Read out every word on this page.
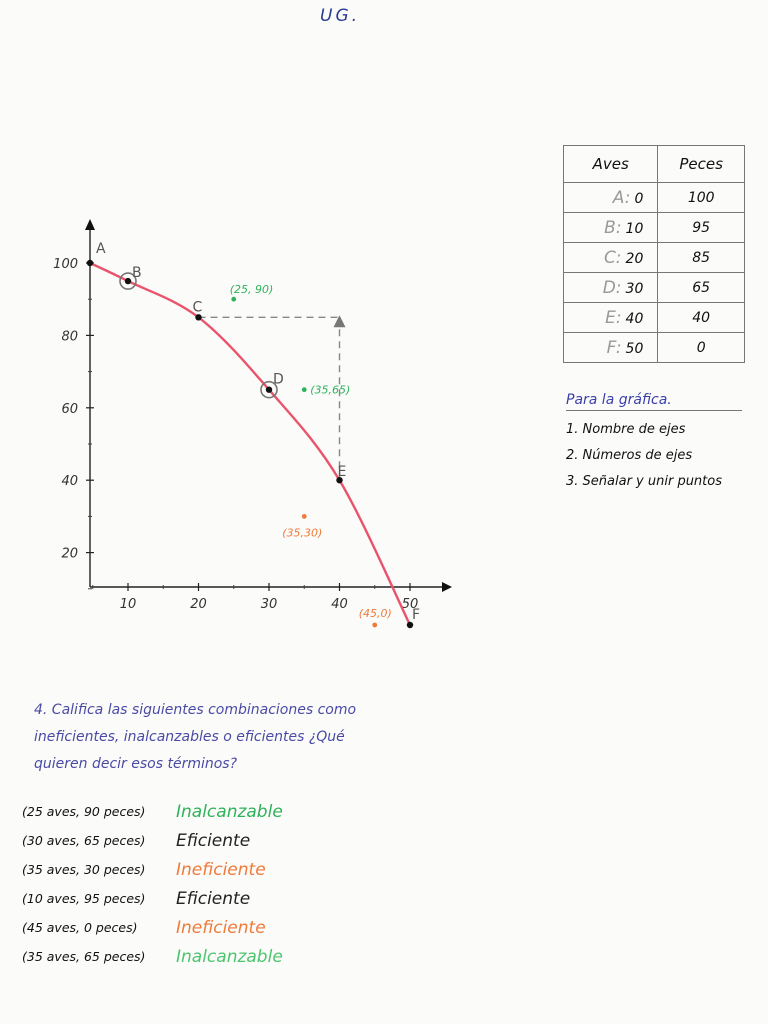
UG.
10	20	30	40	50
20
40
60
80
100
A
B
C
D
E
F
(25, 90)
(35,65)
(35,30)
(45,0)
Aves	Peces
A: 0	100
B: 10	95
C: 20	85
D: 30	65
E: 40	40
F: 50	0
Para la gráfica.
1. Nombre de ejes
2. Números de ejes
3. Señalar y unir puntos
4. Califica las siguientes combinaciones como ineficientes, inalcanzables o eficientes ¿Qué quieren decir esos términos?
(25 aves, 90 peces)	Inalcanzable
(30 aves, 65 peces)	Eficiente
(35 aves, 30 peces)	Ineficiente
(10 aves, 95 peces)	Eficiente
(45 aves, 0 peces)	Ineficiente
(35 aves, 65 peces)	Inalcanzable
